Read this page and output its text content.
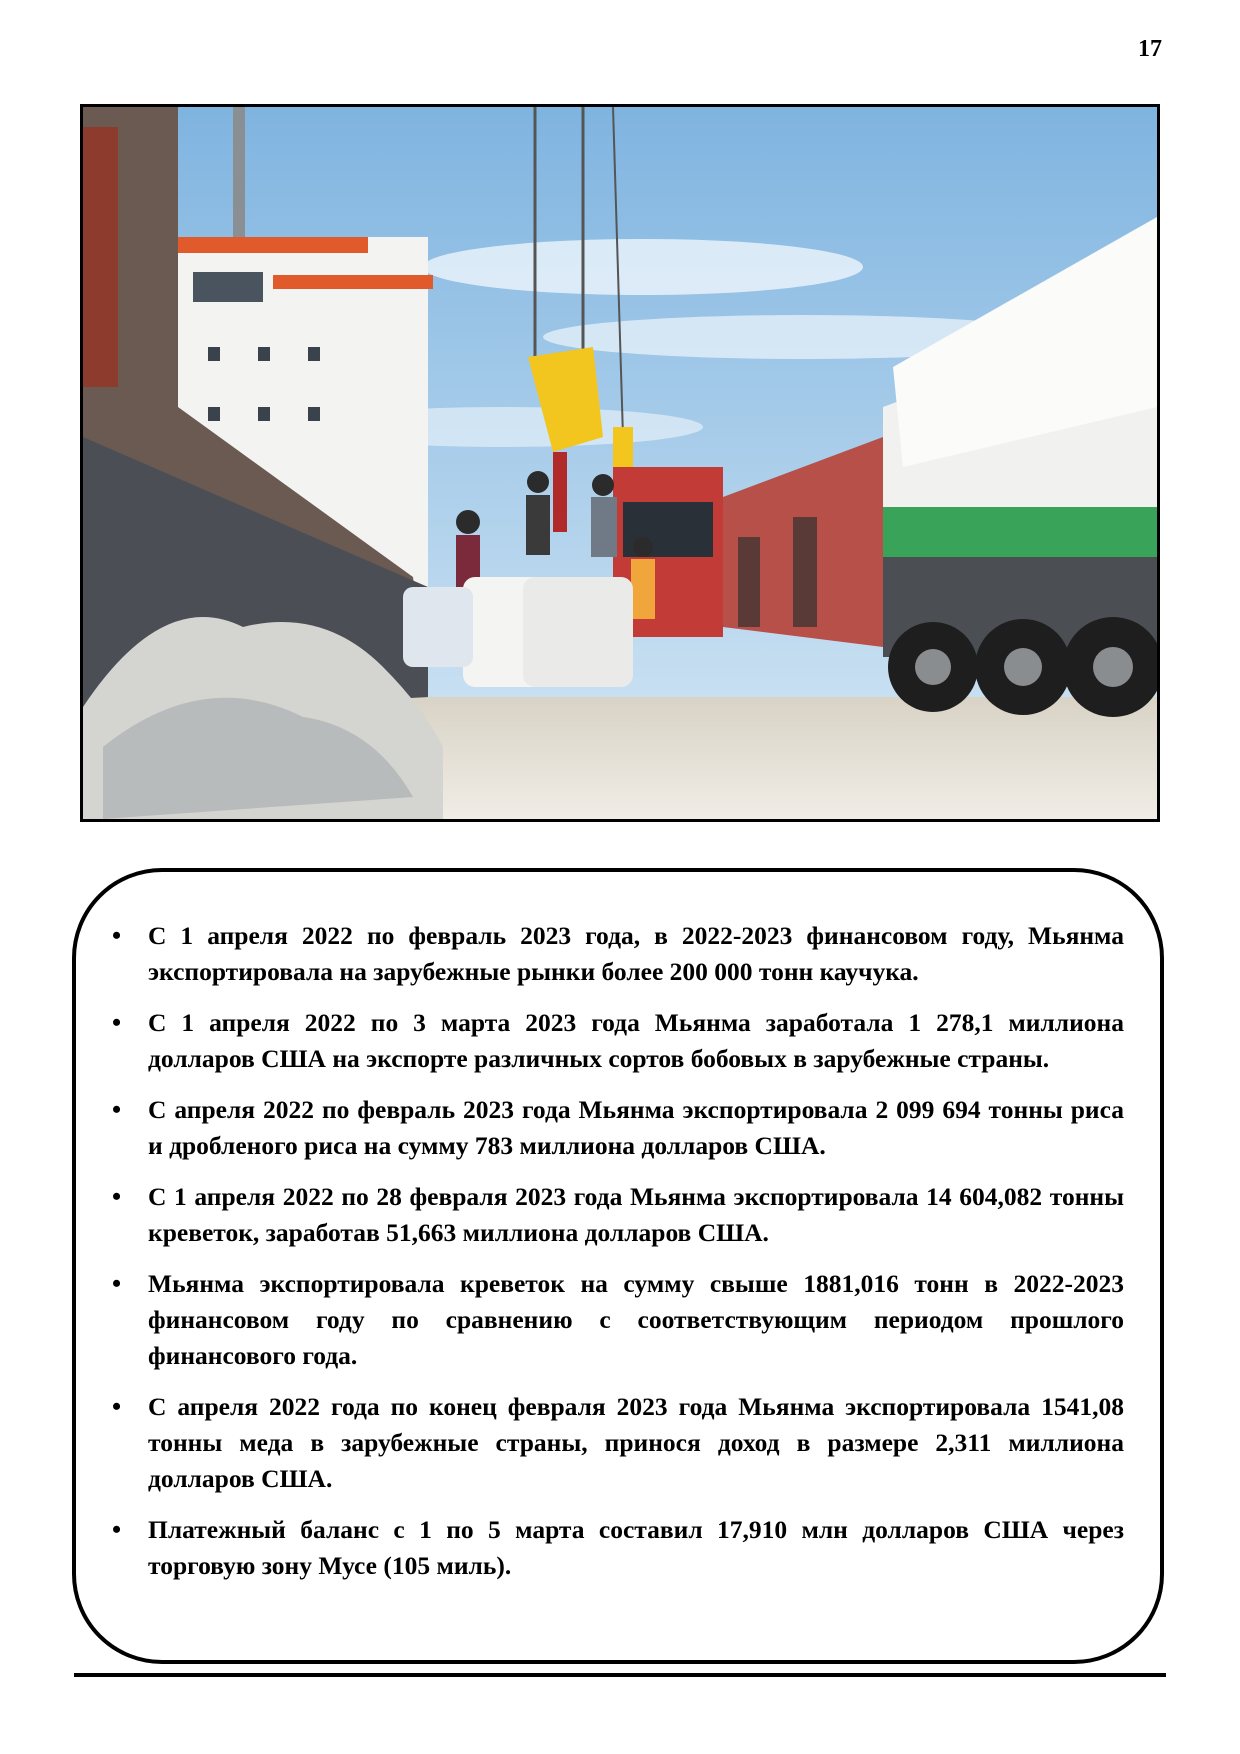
17
• С 1 апреля 2022 по февраль 2023 года, в 2022-2023 финансовом году, Мьянма экспортировала на зарубежные рынки более 200 000 тонн каучука.
• С 1 апреля 2022 по 3 марта 2023 года Мьянма заработала 1 278,1 миллиона долларов США на экспорте различных сортов бобовых в зарубежные страны.
• С апреля 2022 по февраль 2023 года Мьянма экспортировала 2 099 694 тонны риса и дробленого риса на сумму 783 миллиона долларов США.
• С 1 апреля 2022 по 28 февраля 2023 года Мьянма экспортировала 14 604,082 тонны креветок, заработав 51,663 миллиона долларов США.
• Мьянма экспортировала креветок на сумму свыше 1881,016 тонн в 2022-2023 финансовом году по сравнению с соответствующим периодом прошлого финансового года.
• С апреля 2022 года по конец февраля 2023 года Мьянма экспортировала 1541,08 тонны меда в зарубежные страны, принося доход в размере 2,311 миллиона долларов США.
• Платежный баланс с 1 по 5 марта составил 17,910 млн долларов США через торговую зону Мусе (105 миль).
